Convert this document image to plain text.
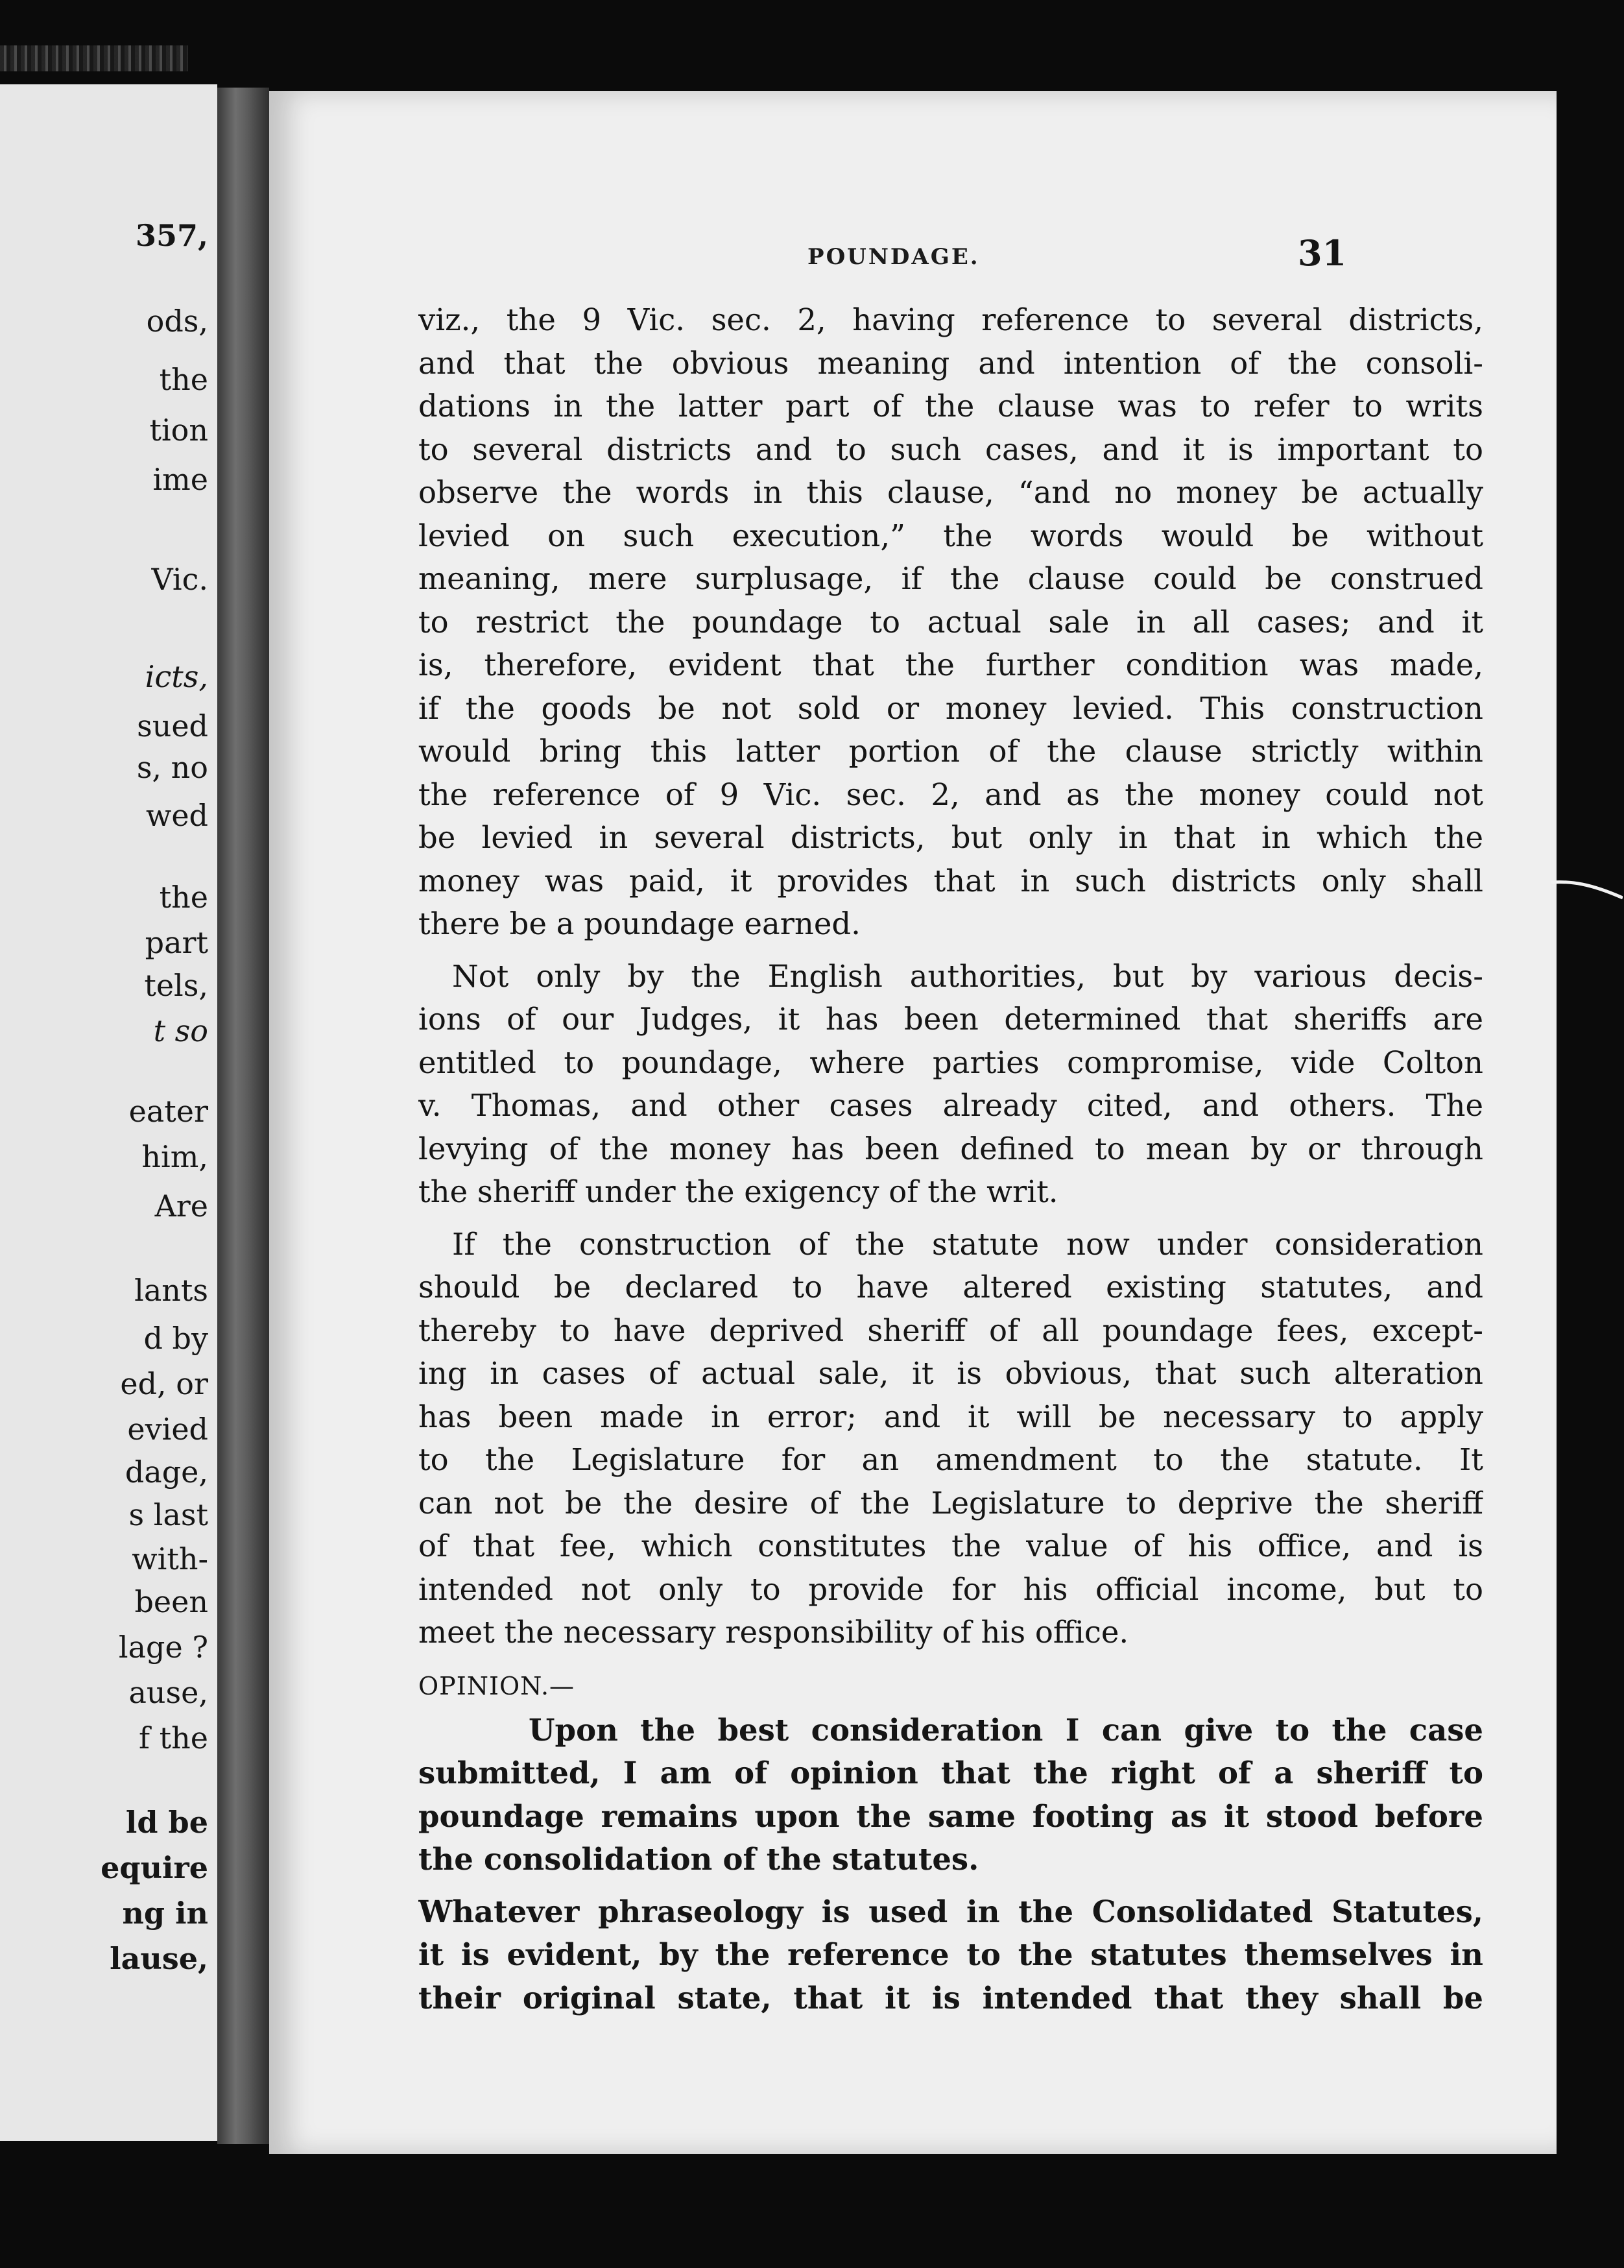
357,
ods,
the
tion
ime
Vic.
icts,
sued
s, no
wed
the
part
tels,
t so
eater
him,
Are
lants
d by
ed, or
evied
dage,
s last
with-
been
lage ?
ause,
f the
ld be
equire
ng in
lause,
POUNDAGE.	31
viz., the 9 Vic. sec. 2, having reference to several districts,
and that the obvious meaning and intention of the consoli-
dations in the latter part of the clause was to refer to writs
to several districts and to such cases, and it is important to
observe the words in this clause, “and no money be actually
levied on such execution,” the words would be without
meaning, mere surplusage, if the clause could be construed
to restrict the poundage to actual sale in all cases; and it
is, therefore, evident that the further condition was made,
if the goods be not sold or money levied. This construction
would bring this latter portion of the clause strictly within
the reference of 9 Vic. sec. 2, and as the money could not
be levied in several districts, but only in that in which the
money was paid, it provides that in such districts only shall
there be a poundage earned.
Not only by the English authorities, but by various decis-
ions of our Judges, it has been determined that sheriffs are
entitled to poundage, where parties compromise, vide Colton
v. Thomas, and other cases already cited, and others. The
levying of the money has been defined to mean by or through
the sheriff under the exigency of the writ.
If the construction of the statute now under consideration
should be declared to have altered existing statutes, and
thereby to have deprived sheriff of all poundage fees, except-
ing in cases of actual sale, it is obvious, that such alteration
has been made in error; and it will be necessary to apply
to the Legislature for an amendment to the statute. It
can not be the desire of the Legislature to deprive the sheriff
of that fee, which constitutes the value of his office, and is
intended not only to provide for his official income, but to
meet the necessary responsibility of his office.
OPINION.—
Upon the best consideration I can give to the case
submitted, I am of opinion that the right of a sheriff to
poundage remains upon the same footing as it stood before
the consolidation of the statutes.
Whatever phraseology is used in the Consolidated Statutes,
it is evident, by the reference to the statutes themselves in
their original state, that it is intended that they shall be
